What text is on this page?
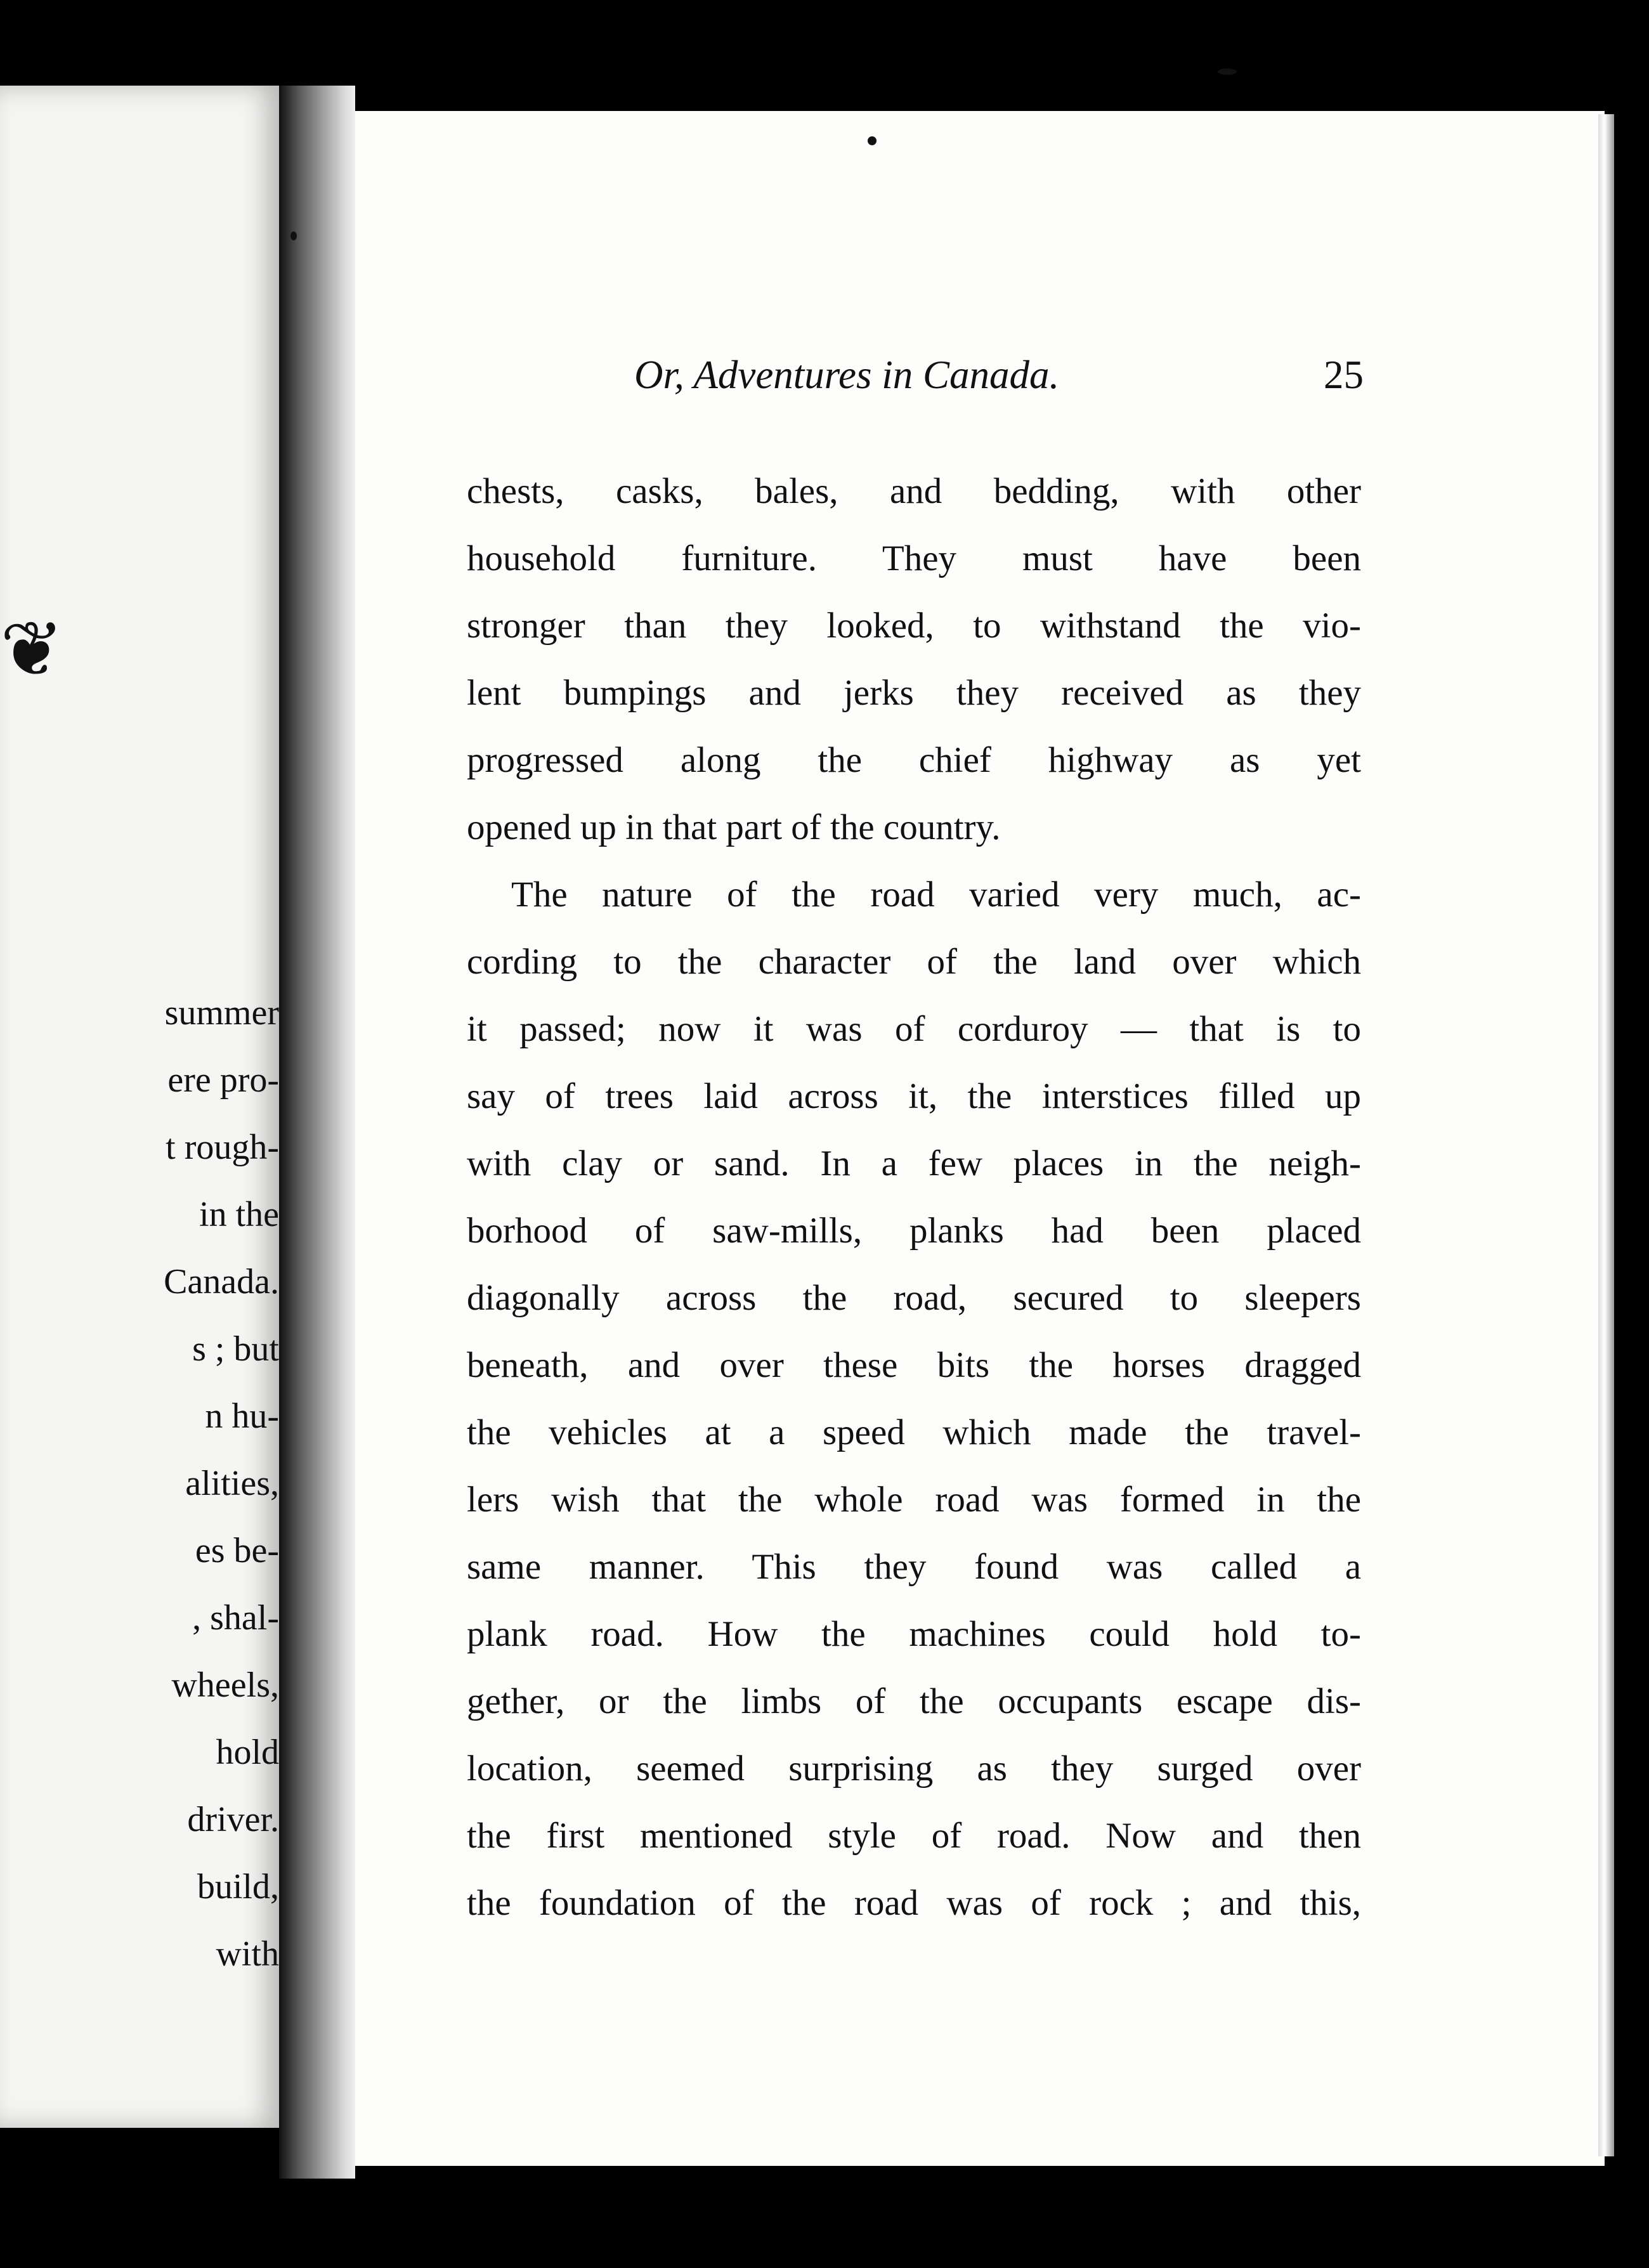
❦
summer
ere pro-
t rough-
in the
Canada.
s ; but
n hu-
alities,
es be-
, shal-
wheels,
hold
driver.
build,
with
Or, Adventures in Canada.	25
chests, casks, bales, and bedding, with other
household furniture. They must have been
stronger than they looked, to withstand the vio-
lent bumpings and jerks they received as they
progressed along the chief highway as yet
opened up in that part of the country.
The nature of the road varied very much, ac-
cording to the character of the land over which
it passed; now it was of corduroy — that is to
say of trees laid across it, the interstices filled up
with clay or sand. In a few places in the neigh-
borhood of saw-mills, planks had been placed
diagonally across the road, secured to sleepers
beneath, and over these bits the horses dragged
the vehicles at a speed which made the travel-
lers wish that the whole road was formed in the
same manner. This they found was called a
plank road. How the machines could hold to-
gether, or the limbs of the occupants escape dis-
location, seemed surprising as they surged over
the first mentioned style of road. Now and then
the foundation of the road was of rock ; and this,
